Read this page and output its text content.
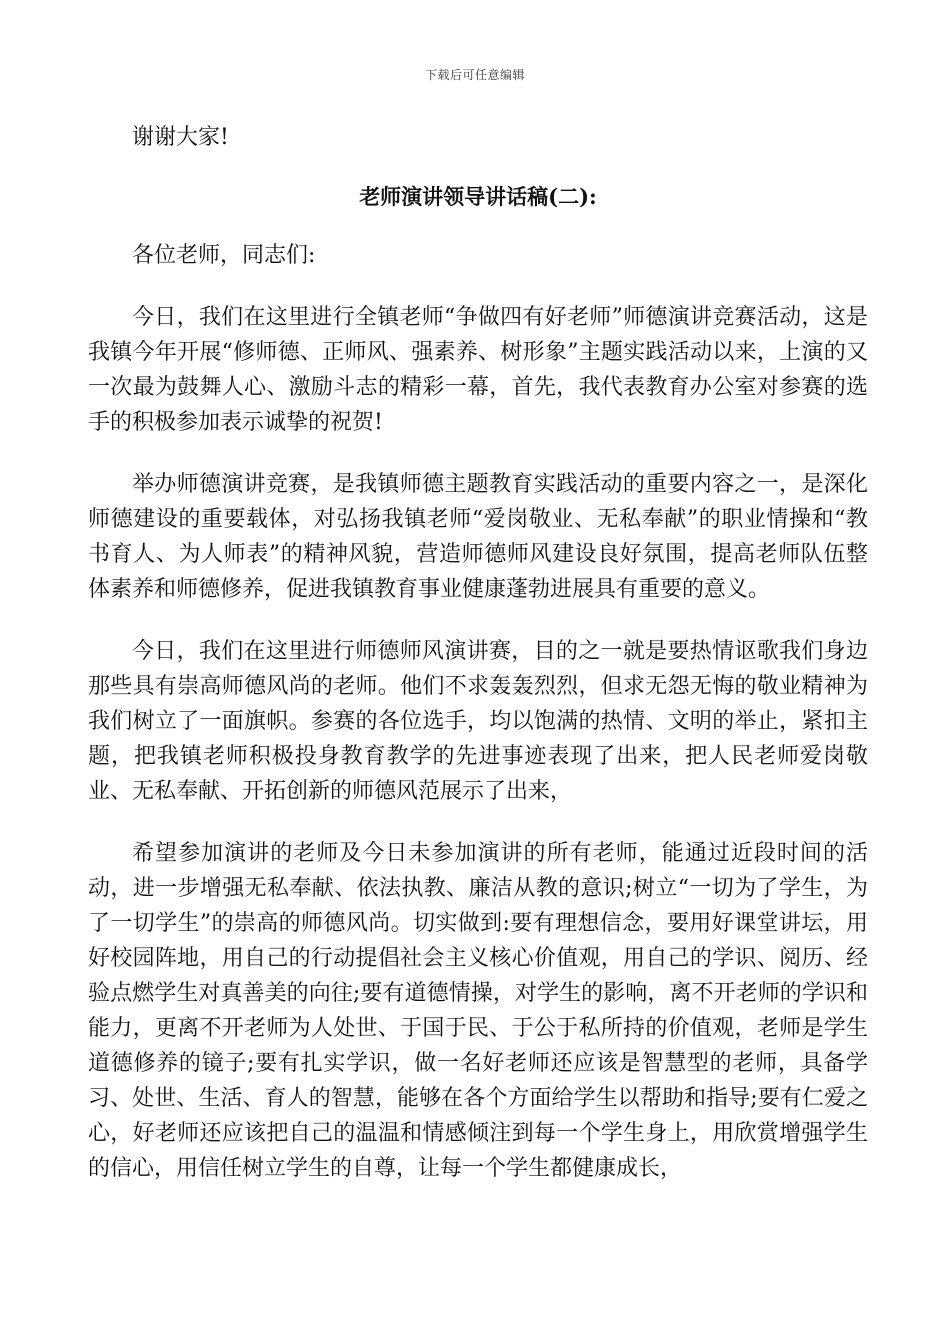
下载后可任意编辑

谢谢大家!

老师演讲领导讲话稿(二):

各位老师，同志们:

今日，我们在这里进行全镇老师“争做四有好老师”师德演讲竞赛活动，这是我镇今年开展“修师德、正师风、强素养、树形象”主题实践活动以来，上演的又一次最为鼓舞人心、激励斗志的精彩一幕，首先，我代表教育办公室对参赛的选手的积极参加表示诚挚的祝贺!

举办师德演讲竞赛，是我镇师德主题教育实践活动的重要内容之一，是深化师德建设的重要载体，对弘扬我镇老师“爱岗敬业、无私奉献”的职业情操和“教书育人、为人师表”的精神风貌，营造师德师风建设良好氛围，提高老师队伍整体素养和师德修养，促进我镇教育事业健康蓬勃进展具有重要的意义。

今日，我们在这里进行师德师风演讲赛，目的之一就是要热情讴歌我们身边那些具有崇高师德风尚的老师。他们不求轰轰烈烈，但求无怨无悔的敬业精神为我们树立了一面旗帜。参赛的各位选手，均以饱满的热情、文明的举止，紧扣主题，把我镇老师积极投身教育教学的先进事迹表现了出来，把人民老师爱岗敬业、无私奉献、开拓创新的师德风范展示了出来，

希望参加演讲的老师及今日未参加演讲的所有老师，能通过近段时间的活动，进一步增强无私奉献、依法执教、廉洁从教的意识;树立“一切为了学生，为了一切学生”的崇高的师德风尚。切实做到:要有理想信念，要用好课堂讲坛，用好校园阵地，用自己的行动提倡社会主义核心价值观，用自己的学识、阅历、经验点燃学生对真善美的向往;要有道德情操，对学生的影响，离不开老师的学识和能力，更离不开老师为人处世、于国于民、于公于私所持的价值观，老师是学生道德修养的镜子;要有扎实学识，做一名好老师还应该是智慧型的老师，具备学习、处世、生活、育人的智慧，能够在各个方面给学生以帮助和指导;要有仁爱之心，好老师还应该把自己的温温和情感倾注到每一个学生身上，用欣赏增强学生的信心，用信任树立学生的自尊，让每一个学生都健康成长，
